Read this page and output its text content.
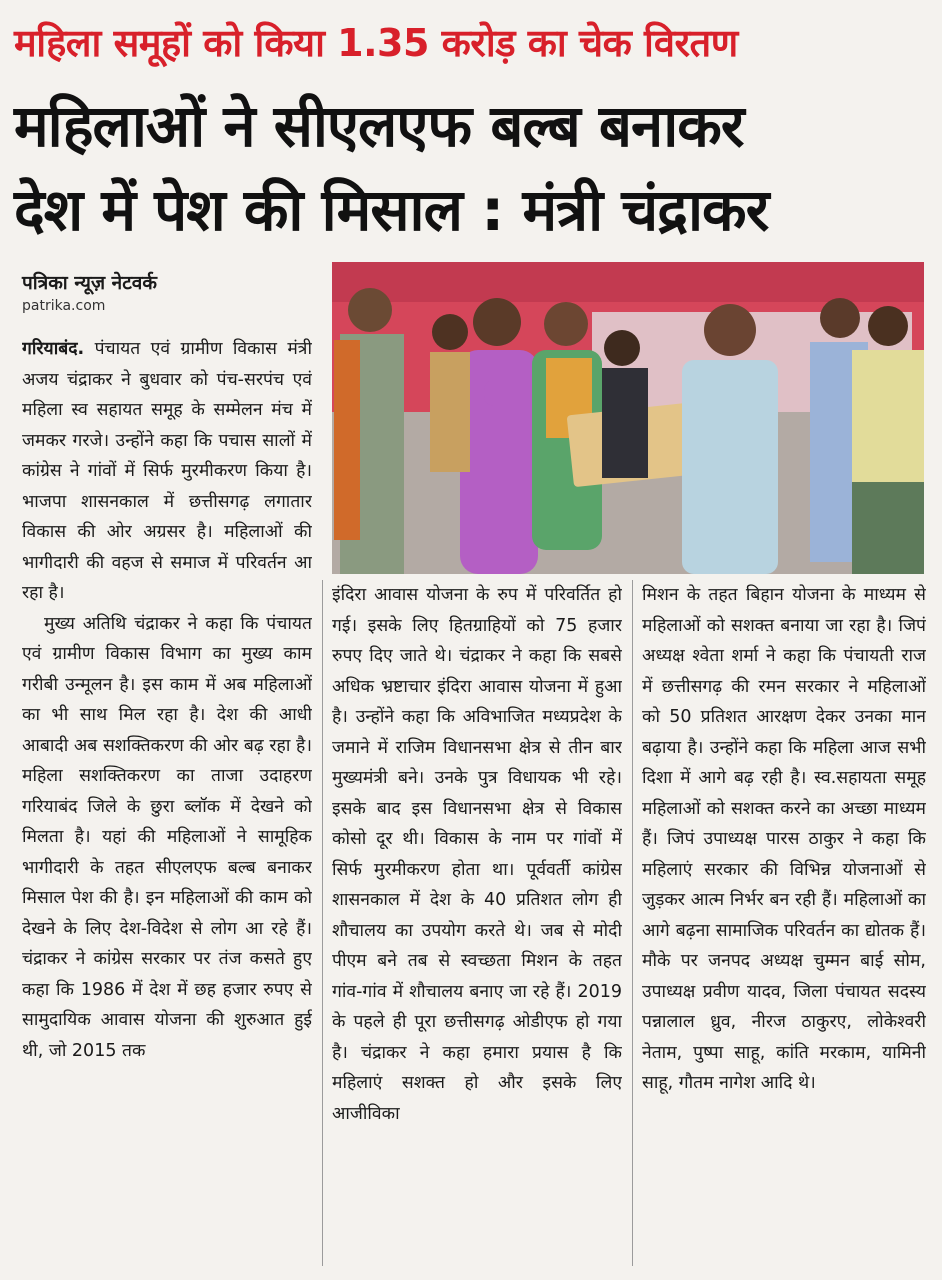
महिला समूहों को किया 1.35 करोड़ का चेक विरतण
महिलाओं ने सीएलएफ बल्ब बनाकर
देश में पेश की मिसाल : मंत्री चंद्राकर
पत्रिका न्यूज़ नेटवर्क
patrika.com

गरियाबंद. पंचायत एवं ग्रामीण विकास मंत्री अजय चंद्राकर ने बुधवार को पंच-सरपंच एवं महिला स्व सहायत समूह के सम्मेलन मंच में जमकर गरजे। उन्होंने कहा कि पचास सालों में कांग्रेस ने गांवों में सिर्फ मुरमीकरण किया है। भाजपा शासनकाल में छत्तीसगढ़ लगातार विकास की ओर अग्रसर है। महिलाओं की भागीदारी की वहज से समाज में परिवर्तन आ रहा है।

मुख्य अतिथि चंद्राकर ने कहा कि पंचायत एवं ग्रामीण विकास विभाग का मुख्य काम गरीबी उन्मूलन है। इस काम में अब महिलाओं का भी साथ मिल रहा है। देश की आधी आबादी अब सशक्तिकरण की ओर बढ़ रहा है। महिला सशक्तिकरण का ताजा उदाहरण गरियाबंद जिले के छुरा ब्लॉक में देखने को मिलता है। यहां की महिलाओं ने सामूहिक भागीदारी के तहत सीएलएफ बल्ब बनाकर मिसाल पेश की है। इन महिलाओं की काम को देखने के लिए देश-विदेश से लोग आ रहे हैं। चंद्राकर ने कांग्रेस सरकार पर तंज कसते हुए कहा कि 1986 में देश में छह हजार रुपए से सामुदायिक आवास योजना की शुरुआत हुई थी, जो 2015 तक

इंदिरा आवास योजना के रुप में परिवर्तित हो गई। इसके लिए हितग्राहियों को 75 हजार रुपए दिए जाते थे। चंद्राकर ने कहा कि सबसे अधिक भ्रष्टाचार इंदिरा आवास योजना में हुआ है। उन्होंने कहा कि अविभाजित मध्यप्रदेश के जमाने में राजिम विधानसभा क्षेत्र से तीन बार मुख्यमंत्री बने। उनके पुत्र विधायक भी रहे। इसके बाद इस विधानसभा क्षेत्र से विकास कोसो दूर थी। विकास के नाम पर गांवों में सिर्फ मुरमीकरण होता था। पूर्ववर्ती कांग्रेस शासनकाल में देश के 40 प्रतिशत लोग ही शौचालय का उपयोग करते थे। जब से मोदी पीएम बने तब से स्वच्छता मिशन के तहत गांव-गांव में शौचालय बनाए जा रहे हैं। 2019 के पहले ही पूरा छत्तीसगढ़ ओडीएफ हो गया है। चंद्राकर ने कहा हमारा प्रयास है कि महिलाएं सशक्त हो और इसके लिए आजीविका

मिशन के तहत बिहान योजना के माध्यम से महिलाओं को सशक्त बनाया जा रहा है। जिपं अध्यक्ष श्वेता शर्मा ने कहा कि पंचायती राज में छत्तीसगढ़ की रमन सरकार ने महिलाओं को 50 प्रतिशत आरक्षण देकर उनका मान बढ़ाया है। उन्होंने कहा कि महिला आज सभी दिशा में आगे बढ़ रही है। स्व.सहायता समूह महिलाओं को सशक्त करने का अच्छा माध्यम हैं। जिपं उपाध्यक्ष पारस ठाकुर ने कहा कि महिलाएं सरकार की विभिन्न योजनाओं से जुड़कर आत्म निर्भर बन रही हैं। महिलाओं का आगे बढ़ना सामाजिक परिवर्तन का द्योतक हैं। मौके पर जनपद अध्यक्ष चुम्मन बाई सोम, उपाध्यक्ष प्रवीण यादव, जिला पंचायत सदस्य पन्नालाल ध्रुव, नीरज ठाकुरए, लोकेश्वरी नेताम, पुष्पा साहू, कांति मरकाम, यामिनी साहू, गौतम नागेश आदि थे।
